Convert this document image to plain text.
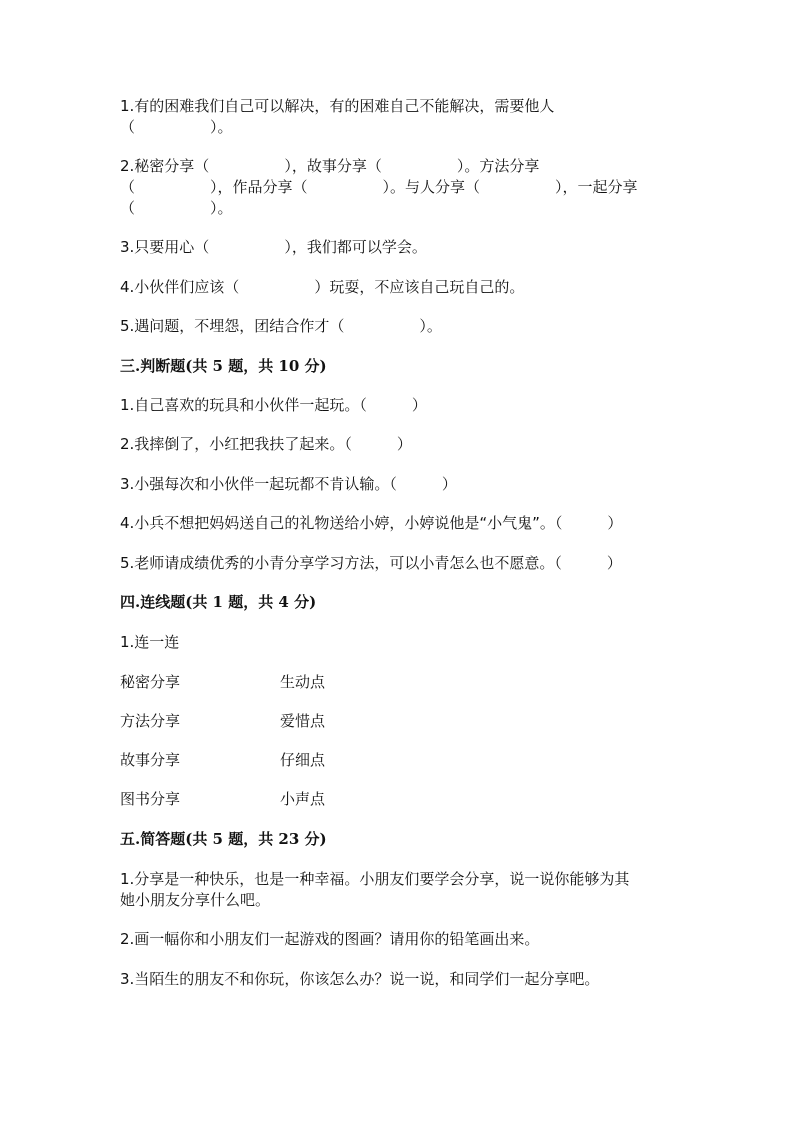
1.有的困难我们自己可以解决，有的困难自己不能解决，需要他人
（　　　　　）。
2.秘密分享（　　　　　），故事分享（　　　　　）。方法分享
（　　　　　），作品分享（　　　　　）。与人分享（　　　　　），一起分享
（　　　　　）。
3.只要用心（　　　　　），我们都可以学会。
4.小伙伴们应该（　　　　　）玩耍，不应该自己玩自己的。
5.遇问题，不埋怨，团结合作才（　　　　　）。
三.判断题(共 5 题，共 10 分)
1.自己喜欢的玩具和小伙伴一起玩。（　　　）
2.我摔倒了，小红把我扶了起来。（　　　）
3.小强每次和小伙伴一起玩都不肯认输。（　　　）
4.小兵不想把妈妈送自己的礼物送给小婷，小婷说他是“小气鬼”。（　　　）
5.老师请成绩优秀的小青分享学习方法，可以小青怎么也不愿意。（　　　）
四.连线题(共 1 题，共 4 分)
1.连一连
秘密分享	生动点
方法分享	爱惜点
故事分享	仔细点
图书分享	小声点
五.简答题(共 5 题，共 23 分)
1.分享是一种快乐，也是一种幸福。小朋友们要学会分享，说一说你能够为其
她小朋友分享什么吧。
2.画一幅你和小朋友们一起游戏的图画？请用你的铅笔画出来。
3.当陌生的朋友不和你玩，你该怎么办？说一说，和同学们一起分享吧。
